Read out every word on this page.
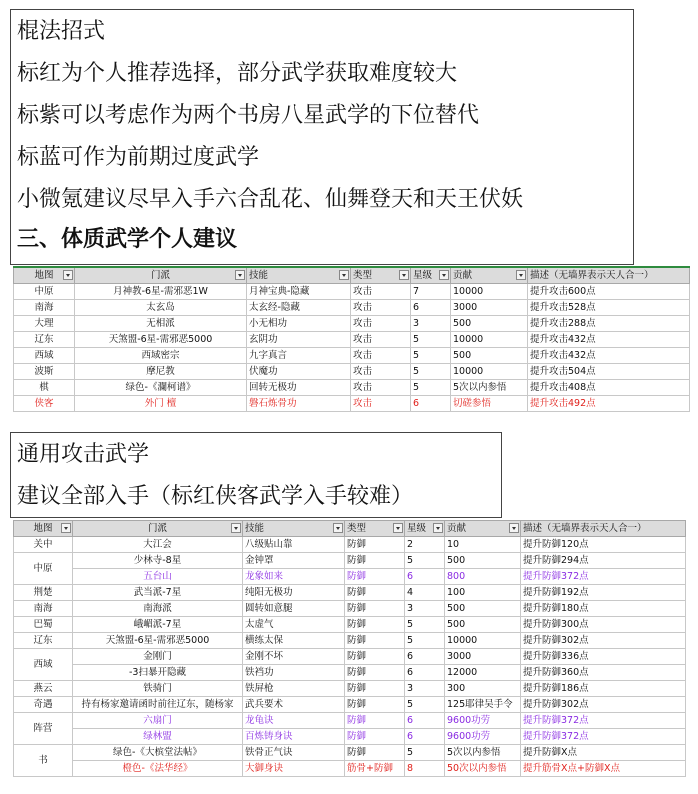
棍法招式
标红为个人推荐选择，部分武学获取难度较大
标紫可以考虑作为两个书房八星武学的下位替代
标蓝可作为前期过度武学
小微氪建议尽早入手六合乱花、仙舞登天和天王伏妖
三、体质武学个人建议
地图	门派	技能	类型	星级	贡献	描述（无墙界表示天人合一）
中原	月神教-6星-需邪恶1W	月神宝典-隐藏	攻击	7	10000	提升攻击600点
南海	太玄岛	太玄经-隐藏	攻击	6	3000	提升攻击528点
大理	无相派	小无相功	攻击	3	500	提升攻击288点
辽东	天煞盟-6星-需邪恶5000	玄阴功	攻击	5	10000	提升攻击432点
西域	西域密宗	九字真言	攻击	5	500	提升攻击432点
波斯	摩尼教	伏魔功	攻击	5	10000	提升攻击504点
棋	绿色-《瀾柯谱》	回转无极功	攻击	5	5次以内参悟	提升攻击408点
侠客	外门 檀	磐石炼骨功	攻击	6	切磋参悟	提升攻击492点
通用攻击武学
建议全部入手（标红侠客武学入手较难）
地图	门派	技能	类型	星级	贡献	描述（无墙界表示天人合一）
关中	大江会	八级贴山靠	防御	2	10	提升防御120点
中原	少林寺-8星	金钟罩	防御	5	500	提升防御294点
	五台山	龙象如来	防御	6	800	提升防御372点
荆楚	武当派-7星	纯阳无极功	防御	4	100	提升防御192点
南海	南海派	圆转如意腿	防御	3	500	提升防御180点
巴蜀	峨嵋派-7星	太虚气	防御	5	500	提升防御300点
辽东	天煞盟-6星-需邪恶5000	横练太保	防御	5	10000	提升防御302点
西域	金刚门	金刚不坏	防御	6	3000	提升防御336点
	-3扫暴开隐藏	铁裆功	防御	6	12000	提升防御360点
燕云	铁骑门	铁屏枪	防御	3	300	提升防御186点
奇遇	持有杨家邀请函时前往辽东，随杨家	武兵要术	防御	5	125耶律吴手令	提升防御302点
阵营	六扇门	龙龟诀	防御	6	9600功劳	提升防御372点
	绿林盟	百炼铸身诀	防御	6	9600功劳	提升防御372点
书	绿色-《大槟堂法帖》	铁骨正气诀	防御	5	5次以内参悟	提升防御X点
	橙色-《法华经》	大御身诀	筋骨+防御	8	50次以内参悟	提升筋骨X点+防御X点
